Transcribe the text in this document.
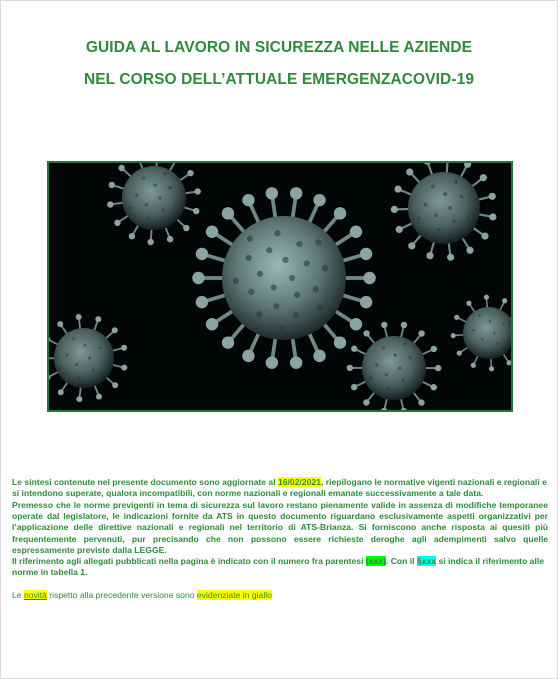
GUIDA AL LAVORO IN SICUREZZA NELLE AZIENDE
NEL CORSO DELL’ATTUALE EMERGENZACOVID-19
Le sintesi contenute nel presente documento sono aggiornate al 16/02/2021, riepilogano le normative vigenti nazionali e regionali e si intendono superate, qualora incompatibili, con norme nazionali e regionali emanate successivamente a tale data.
Premesso che le norme previgenti in tema di sicurezza sul lavoro restano pienamente valide in assenza di modifiche temporanee operate dal legislatore, le indicazioni fornite da ATS in questo documento riguardano esclusivamente aspetti organizzativi per l’applicazione delle direttive nazionali e regionali nel territorio di ATS-Brianza. Si forniscono anche risposta ai quesiti più frequentemente pervenuti, pur precisando che non possono essere richieste deroghe agli adempimenti salvo quelle espressamente previste dalla LEGGE.
Il riferimento agli allegati pubblicati nella pagina è indicato con il numero fra parentesi (xxx). Con il §xxx si indica il riferimento alle norme in tabella 1.
Le novità rispetto alla precedente versione sono evidenziate in giallo
